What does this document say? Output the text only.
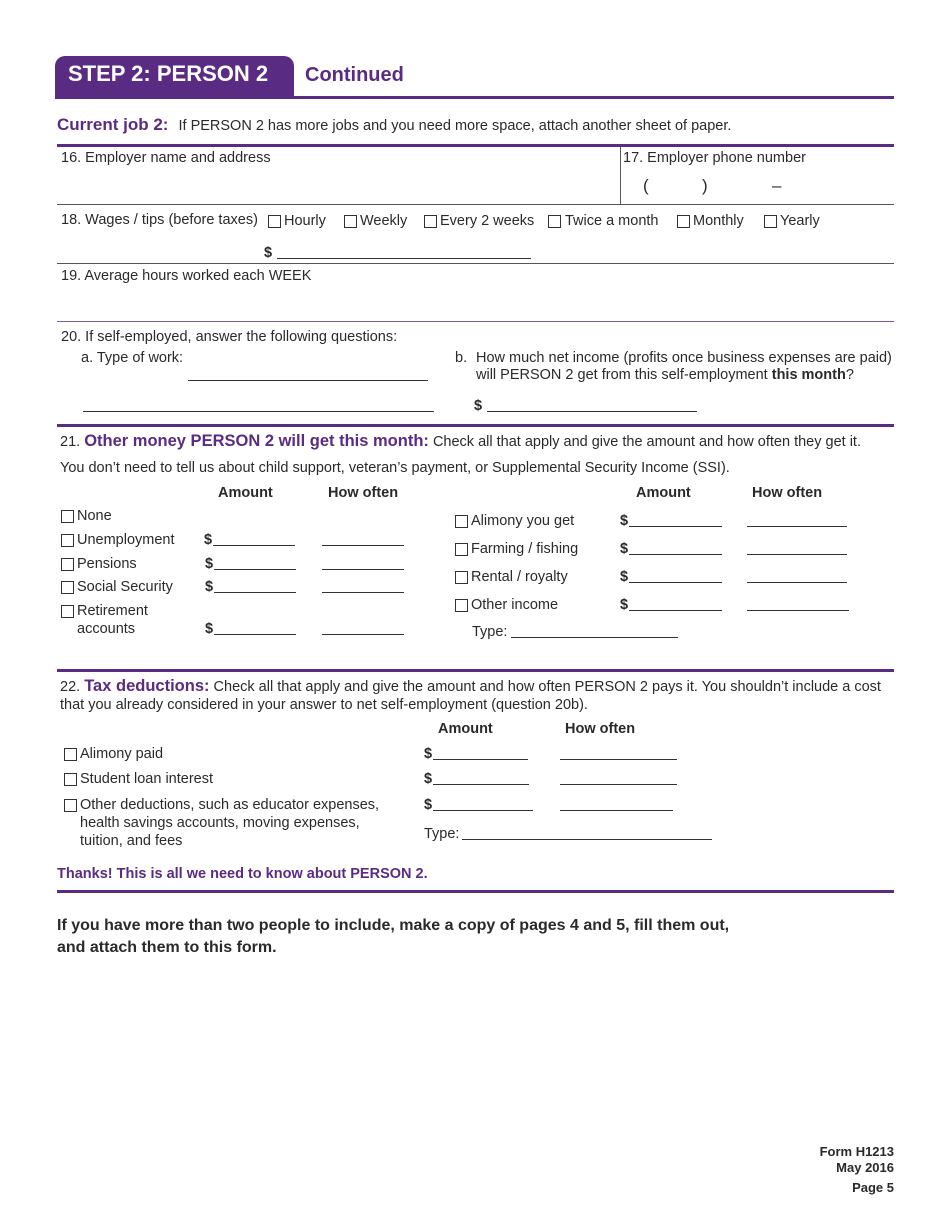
STEP 2: PERSON 2	Continued
Current job 2: If PERSON 2 has more jobs and you need more space, attach another sheet of paper.
16. Employer name and address	17. Employer phone number
(	)	–
18. Wages / tips (before taxes) Hourly Weekly Every 2 weeks Twice a month Monthly Yearly
$
19. Average hours worked each WEEK
20. If self-employed, answer the following questions:
a. Type of work:	b. How much net income (profits once business expenses are paid)
will PERSON 2 get from this self-employment this month?
$
21. Other money PERSON 2 will get this month: Check all that apply and give the amount and how often they get it.
You don’t need to tell us about child support, veteran’s payment, or Supplemental Security Income (SSI).
Amount	How often	Amount	How often
None
Unemployment $
Pensions	$
Social Security $
Retirement
accounts	$
Alimony you get	$
Farming / fishing	$
Rental / royalty	$
Other income	$
Type:
22. Tax deductions: Check all that apply and give the amount and how often PERSON 2 pays it. You shouldn’t include a cost
that you already considered in your answer to net self-employment (question 20b).
Amount	How often
Alimony paid	$
Student loan interest	$
Other deductions, such as educator expenses,
health savings accounts, moving expenses,
tuition, and fees
$
Type:
Thanks! This is all we need to know about PERSON 2.
If you have more than two people to include, make a copy of pages 4 and 5, fill them out,
and attach them to this form.
Form H1213
May 2016
Page 5
